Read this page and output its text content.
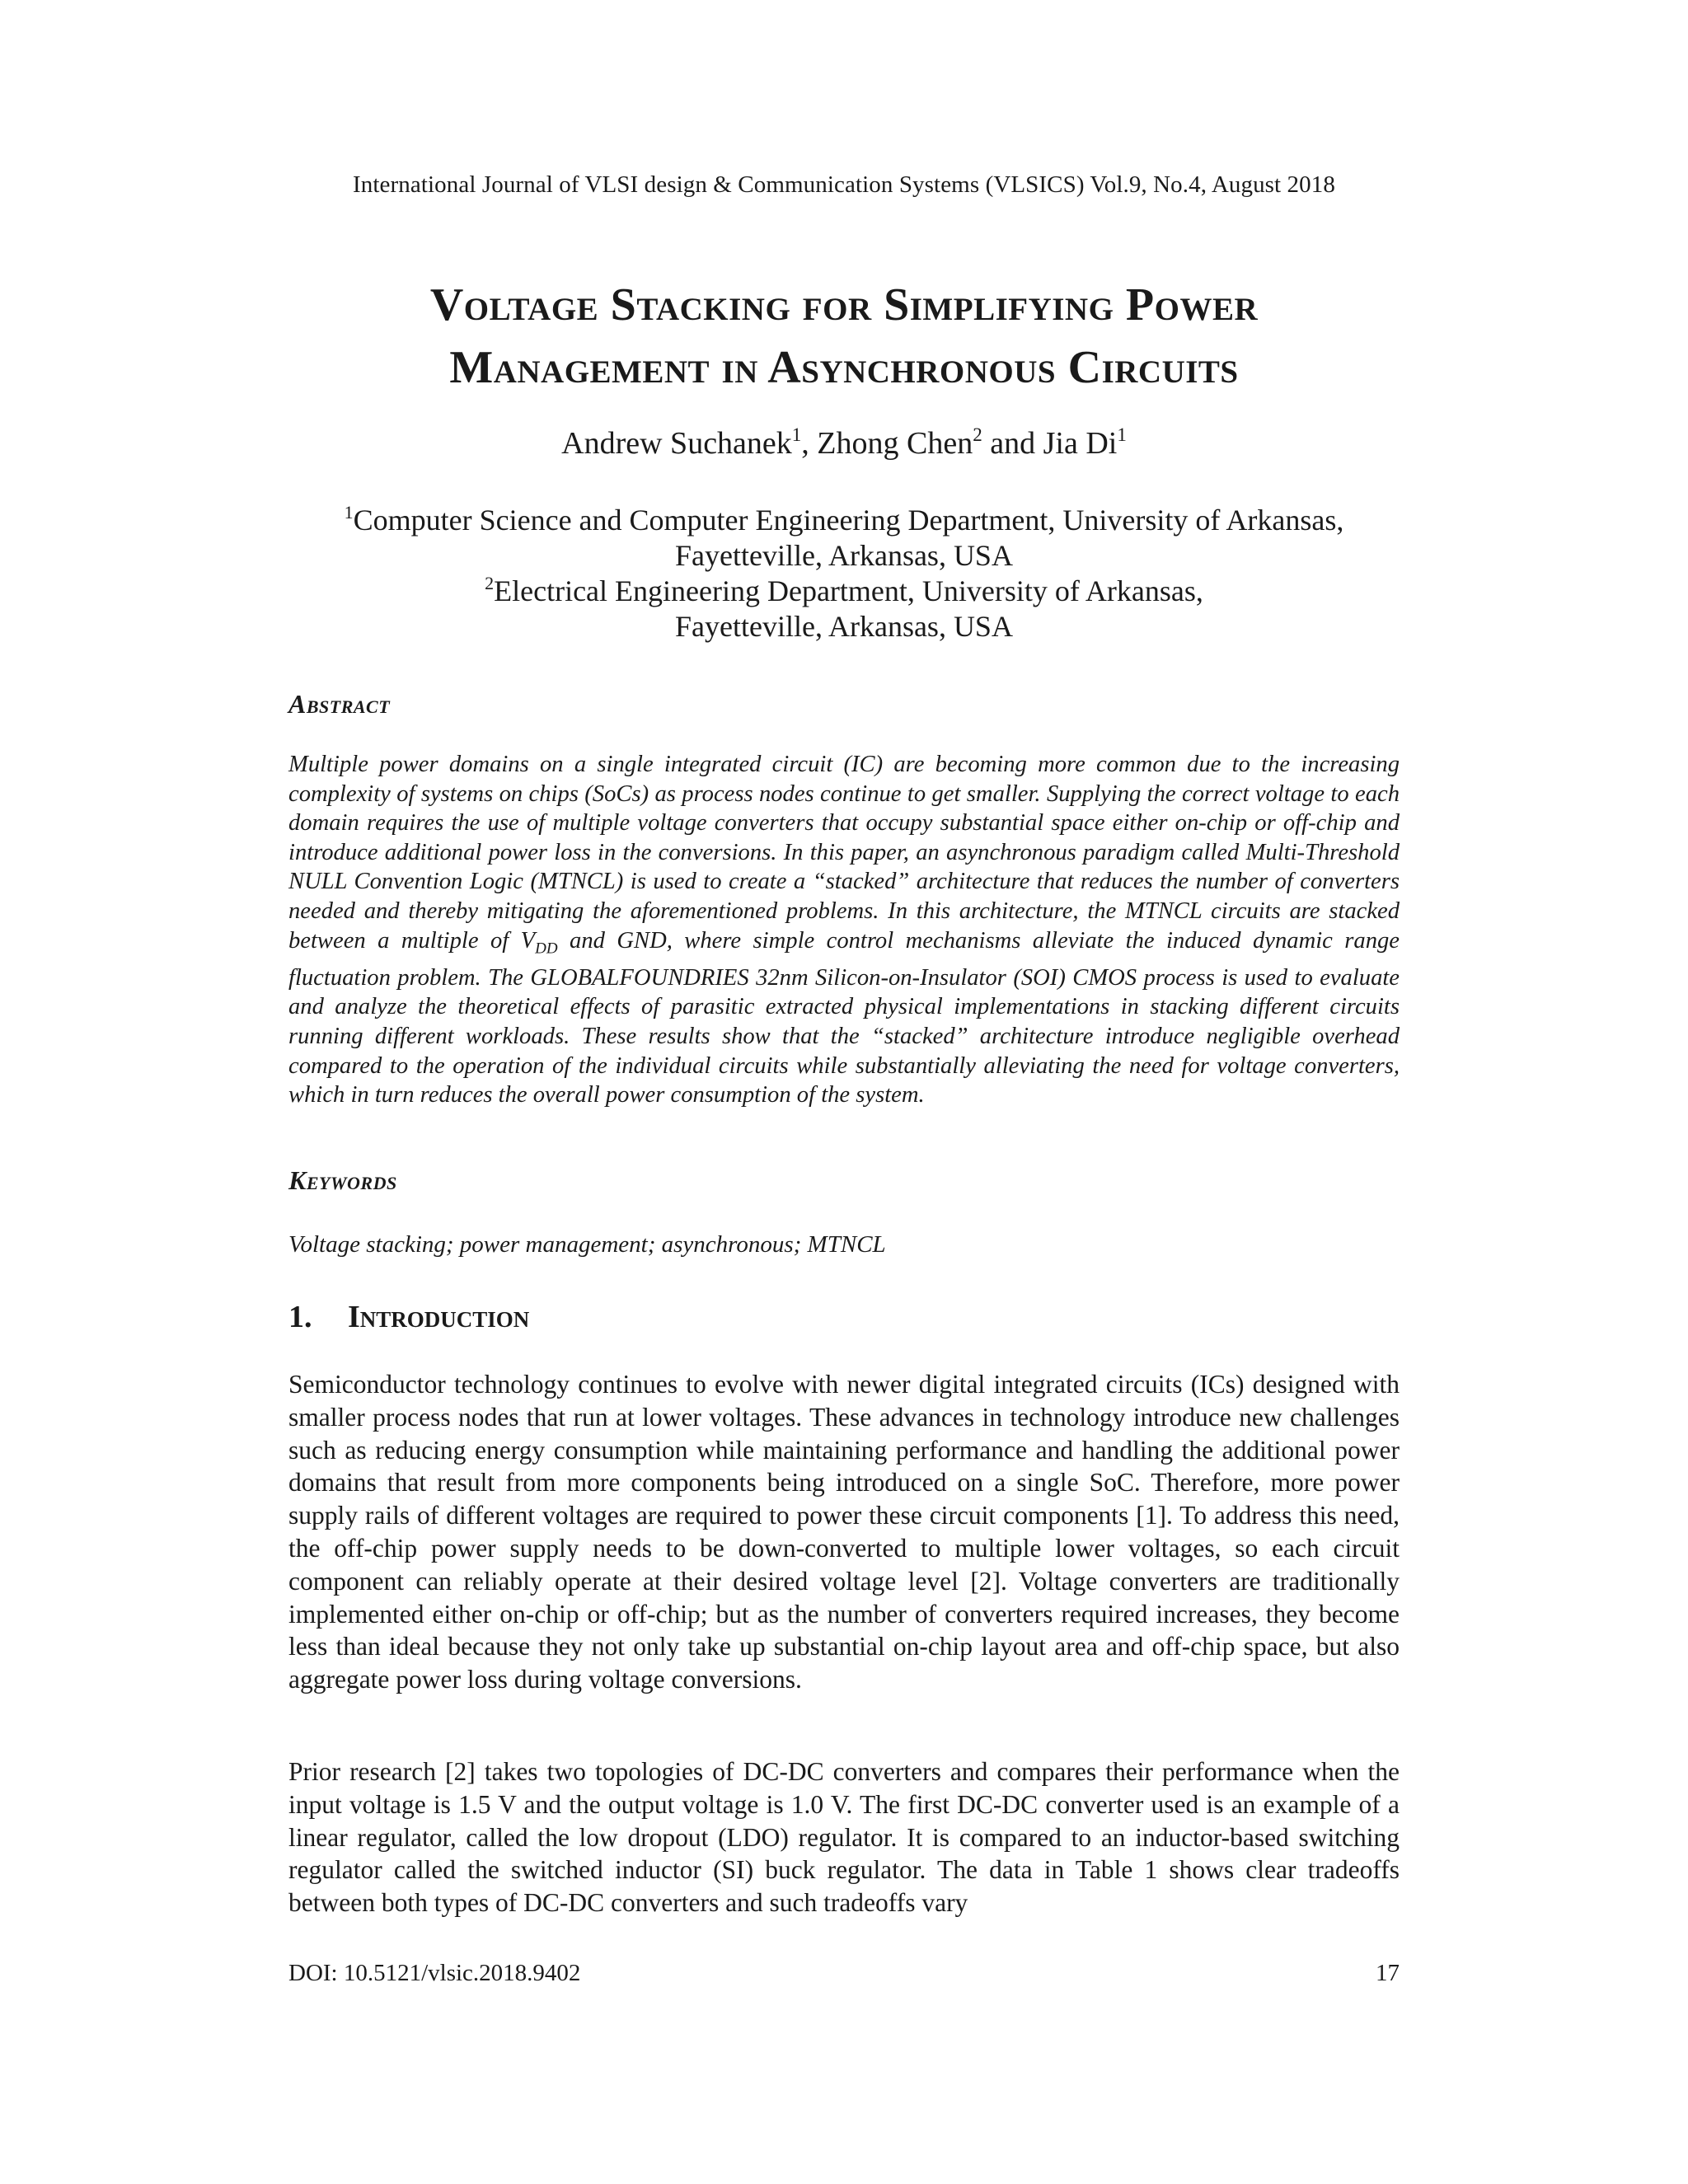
International Journal of VLSI design & Communication Systems (VLSICS) Vol.9, No.4, August 2018
Voltage Stacking for Simplifying Power
Management in Asynchronous Circuits
Andrew Suchanek$^1$, Zhong Chen$^2$ and Jia Di$^1$
$^1$Computer Science and Computer Engineering Department, University of Arkansas,
Fayetteville, Arkansas, USA
$^2$Electrical Engineering Department, University of Arkansas,
Fayetteville, Arkansas, USA
Abstract

Multiple power domains on a single integrated circuit (IC) are becoming more common due to the increasing complexity of systems on chips (SoCs) as process nodes continue to get smaller. Supplying the correct voltage to each domain requires the use of multiple voltage converters that occupy substantial space either on-chip or off-chip and introduce additional power loss in the conversions. In this paper, an asynchronous paradigm called Multi-Threshold NULL Convention Logic (MTNCL) is used to create a “stacked” architecture that reduces the number of converters needed and thereby mitigating the aforementioned problems. In this architecture, the MTNCL circuits are stacked between a multiple of $V_{DD}$ and GND, where simple control mechanisms alleviate the induced dynamic range fluctuation problem. The GLOBALFOUNDRIES 32nm Silicon-on-Insulator (SOI) CMOS process is used to evaluate and analyze the theoretical effects of parasitic extracted physical implementations in stacking different circuits running different workloads. These results show that the “stacked” architecture introduce negligible overhead compared to the operation of the individual circuits while substantially alleviating the need for voltage converters, which in turn reduces the overall power consumption of the system.

Keywords

Voltage stacking; power management; asynchronous; MTNCL

1. Introduction

Semiconductor technology continues to evolve with newer digital integrated circuits (ICs) designed with smaller process nodes that run at lower voltages. These advances in technology introduce new challenges such as reducing energy consumption while maintaining performance and handling the additional power domains that result from more components being introduced on a single SoC. Therefore, more power supply rails of different voltages are required to power these circuit components [1]. To address this need, the off-chip power supply needs to be down-converted to multiple lower voltages, so each circuit component can reliably operate at their desired voltage level [2]. Voltage converters are traditionally implemented either on-chip or off-chip; but as the number of converters required increases, they become less than ideal because they not only take up substantial on-chip layout area and off-chip space, but also aggregate power loss during voltage conversions.

Prior research [2] takes two topologies of DC-DC converters and compares their performance when the input voltage is 1.5 V and the output voltage is 1.0 V. The first DC-DC converter used is an example of a linear regulator, called the low dropout (LDO) regulator. It is compared to an inductor-based switching regulator called the switched inductor (SI) buck regulator. The data in Table 1 shows clear tradeoffs between both types of DC-DC converters and such tradeoffs vary

DOI: 10.5121/vlsic.2018.9402	17
